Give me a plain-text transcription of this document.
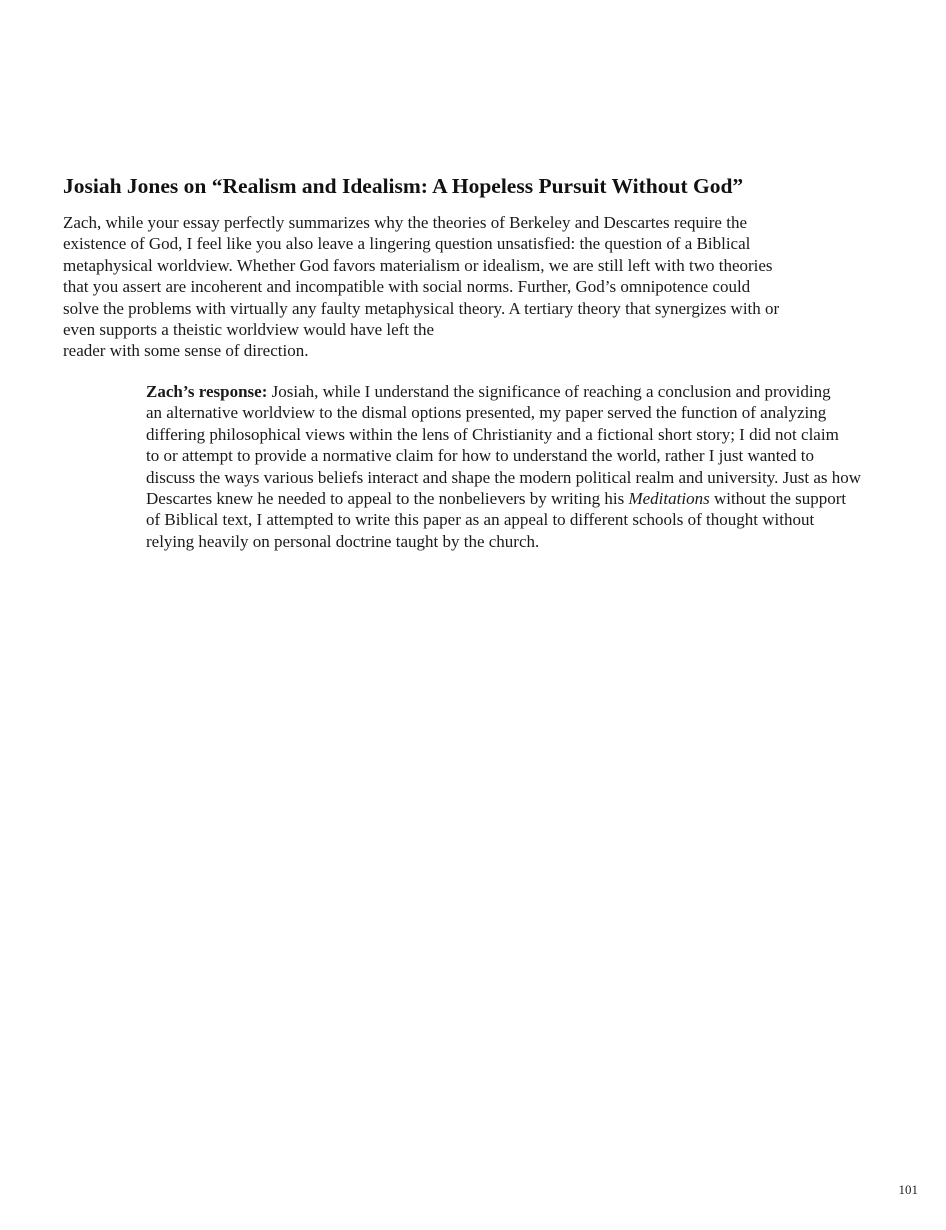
Josiah Jones on “Realism and Idealism: A Hopeless Pursuit Without God”

Zach, while your essay perfectly summarizes why the theories of Berkeley and Descartes require the
existence of God, I feel like you also leave a lingering question unsatisfied: the question of a Biblical
metaphysical worldview. Whether God favors materialism or idealism, we are still left with two theories
that you assert are incoherent and incompatible with social norms. Further, God’s omnipotence could
solve the problems with virtually any faulty metaphysical theory. A tertiary theory that synergizes with or
even supports a theistic worldview would have left the
reader with some sense of direction.

Zach’s response: Josiah, while I understand the significance of reaching a conclusion and providing
an alternative worldview to the dismal options presented, my paper served the function of analyzing
differing philosophical views within the lens of Christianity and a fictional short story; I did not claim
to or attempt to provide a normative claim for how to understand the world, rather I just wanted to
discuss the ways various beliefs interact and shape the modern political realm and university. Just as how
Descartes knew he needed to appeal to the nonbelievers by writing his Meditations without the support
of Biblical text, I attempted to write this paper as an appeal to different schools of thought without
relying heavily on personal doctrine taught by the church.

101
